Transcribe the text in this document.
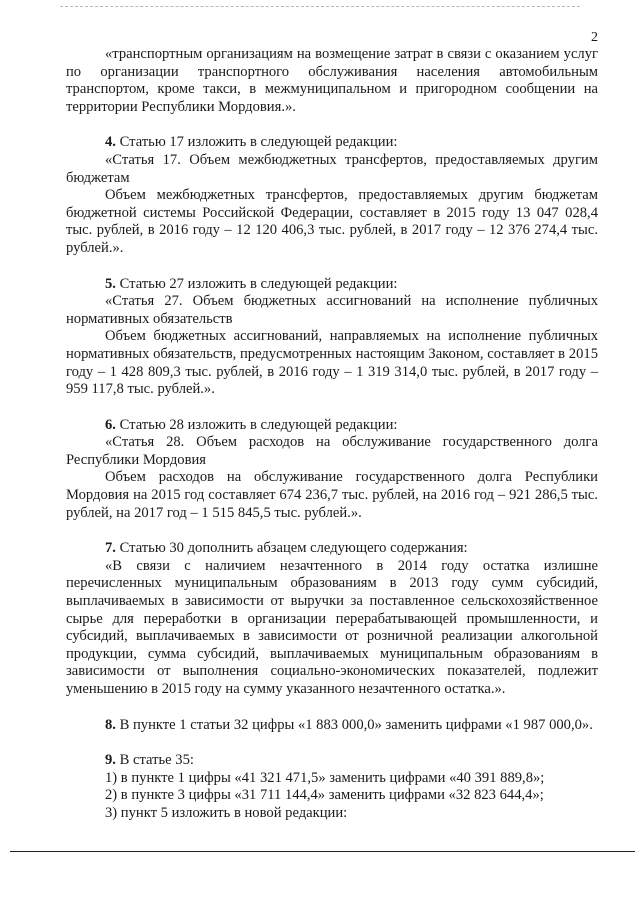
2

«транспортным организациям на возмещение затрат в связи с оказанием услуг по организации транспортного обслуживания населения автомобильным транспортом, кроме такси, в межмуниципальном и пригородном сообщении на территории Республики Мордовия.».

4. Статью 17 изложить в следующей редакции:

«Статья 17. Объем межбюджетных трансфертов, предоставляемых другим бюджетам

Объем межбюджетных трансфертов, предоставляемых другим бюджетам бюджетной системы Российской Федерации, составляет в 2015 году 13 047 028,4 тыс. рублей, в 2016 году – 12 120 406,3 тыс. рублей, в 2017 году – 12 376 274,4 тыс. рублей.».

5. Статью 27 изложить в следующей редакции:

«Статья 27. Объем бюджетных ассигнований на исполнение публичных нормативных обязательств

Объем бюджетных ассигнований, направляемых на исполнение публичных нормативных обязательств, предусмотренных настоящим Законом, составляет в 2015 году – 1 428 809,3 тыс. рублей, в 2016 году – 1 319 314,0 тыс. рублей, в 2017 году – 959 117,8 тыс. рублей.».

6. Статью 28 изложить в следующей редакции:

«Статья 28. Объем расходов на обслуживание государственного долга Республики Мордовия

Объем расходов на обслуживание государственного долга Республики Мордовия на 2015 год составляет 674 236,7 тыс. рублей, на 2016 год – 921 286,5 тыс. рублей, на 2017 год – 1 515 845,5 тыс. рублей.».

7. Статью 30 дополнить абзацем следующего содержания:

«В связи с наличием незачтенного в 2014 году остатка излишне перечисленных муниципальным образованиям в 2013 году сумм субсидий, выплачиваемых в зависимости от выручки за поставленное сельскохозяйственное сырье для переработки в организации перерабатывающей промышленности, и субсидий, выплачиваемых в зависимости от розничной реализации алкогольной продукции, сумма субсидий, выплачиваемых муниципальным образованиям в зависимости от выполнения социально-экономических показателей, подлежит уменьшению в 2015 году на сумму указанного незачтенного остатка.».

8. В пункте 1 статьи 32 цифры «1 883 000,0» заменить цифрами «1 987 000,0».

9. В статье 35:

1) в пункте 1 цифры «41 321 471,5» заменить цифрами «40 391 889,8»;

2) в пункте 3 цифры «31 711 144,4» заменить цифрами «32 823 644,4»;

3) пункт 5 изложить в новой редакции:
